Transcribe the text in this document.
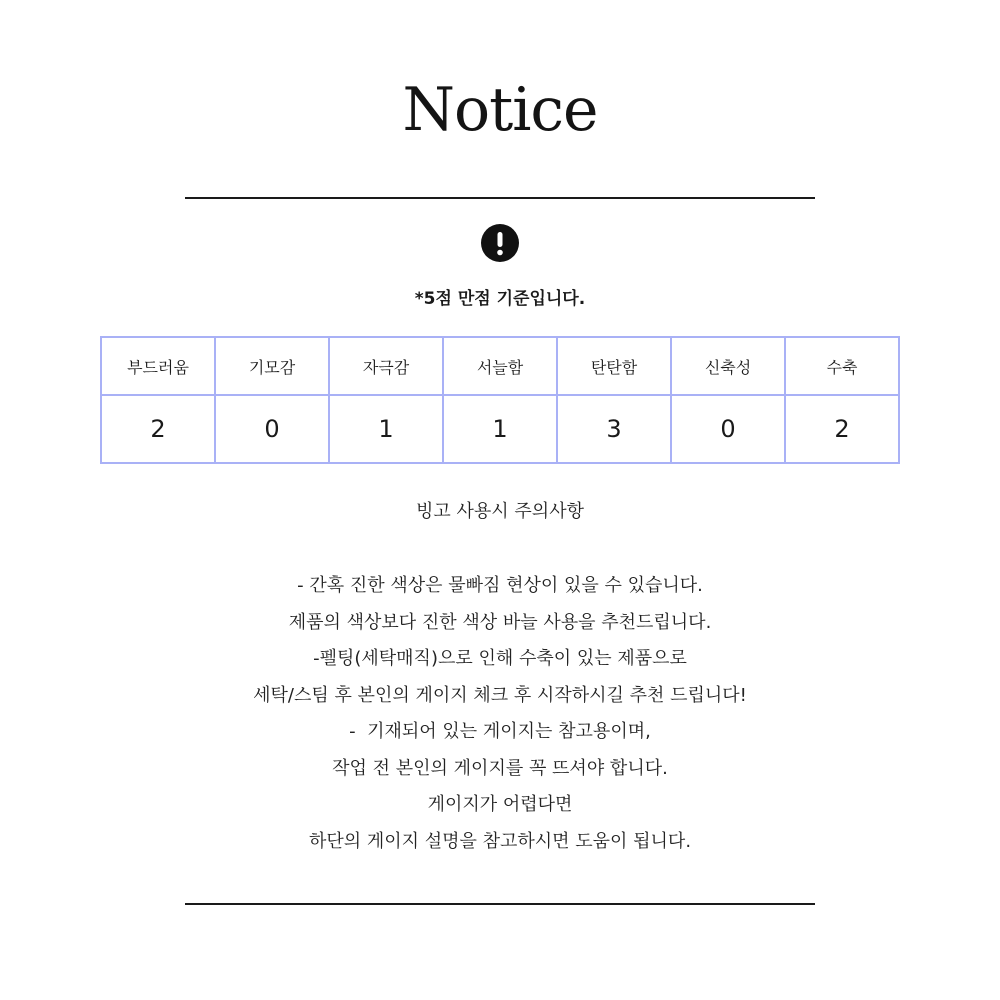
Notice
*5점 만점 기준입니다.
부드러움	기모감	자극감	서늘함	탄탄함	신축성	수축
2	0	1	1	3	0	2
빙고 사용시 주의사항
- 간혹 진한 색상은 물빠짐 현상이 있을 수 있습니다.
제품의 색상보다 진한 색상 바늘 사용을 추천드립니다.
-펠팅(세탁매직)으로 인해 수축이 있는 제품으로
세탁/스팀 후 본인의 게이지 체크 후 시작하시길 추천 드립니다!
-  기재되어 있는 게이지는 참고용이며,
작업 전 본인의 게이지를 꼭 뜨셔야 합니다.
게이지가 어렵다면
하단의 게이지 설명을 참고하시면 도움이 됩니다.
